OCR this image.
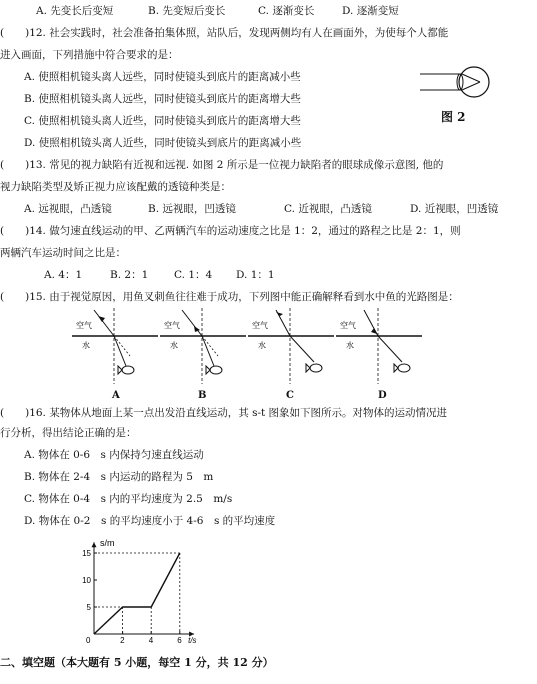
A. 先变长后变短	B. 先变短后变长	C. 逐渐变长	D. 逐渐变短
(　　)12. 社会实践时，社会准备拍集体照，站队后，发现两侧均有人在画面外，为使每个人都能
进入画面，下列措施中符合要求的是：
A. 使照相机镜头离人远些，同时使镜头到底片的距离减小些
B. 使照相机镜头离人远些，同时使镜头到底片的距离增大些
C. 使照相机镜头离人近些，同时使镜头到底片的距离增大些
D. 使照相机镜头离人近些，同时使镜头到底片的距离减小些
图 2
(　　)13. 常见的视力缺陷有近视和远视. 如图 2 所示是一位视力缺陷者的眼球成像示意图, 他的
视力缺陷类型及矫正视力应该配戴的透镜种类是：
A. 远视眼，凸透镜	B. 远视眼，凹透镜	C. 近视眼，凸透镜	D. 近视眼，凹透镜
(　　)14. 做匀速直线运动的甲、乙两辆汽车的运动速度之比是 1：2，通过的路程之比是 2：1，则
两辆汽车运动时间之比是：
A. 4：1	B. 2：1 C. 1：4 D. 1：1
(　　)15. 由于视觉原因，用鱼叉刺鱼往往难于成功，下列图中能正确解释看到水中鱼的光路图是：
空气
水
空气
水
空气
水
空气
水
A	B	C	D
(　　)16. 某物体从地面上某一点出发沿直线运动，其 s-t 图象如下图所示。对物体的运动情况进
行分析，得出结论正确的是：
A. 物体在 0-6　s 内保持匀速直线运动
B. 物体在 2-4　s 内运动的路程为 5　m
C. 物体在 0-4　s 内的平均速度为 2.5　m/s
D. 物体在 0-2　s 的平均速度小于 4-6　s 的平均速度
s/m
t/s
0	2	4	6
5
10
15
二、填空题（本大题有 5 小题，每空 1 分，共 12 分）
